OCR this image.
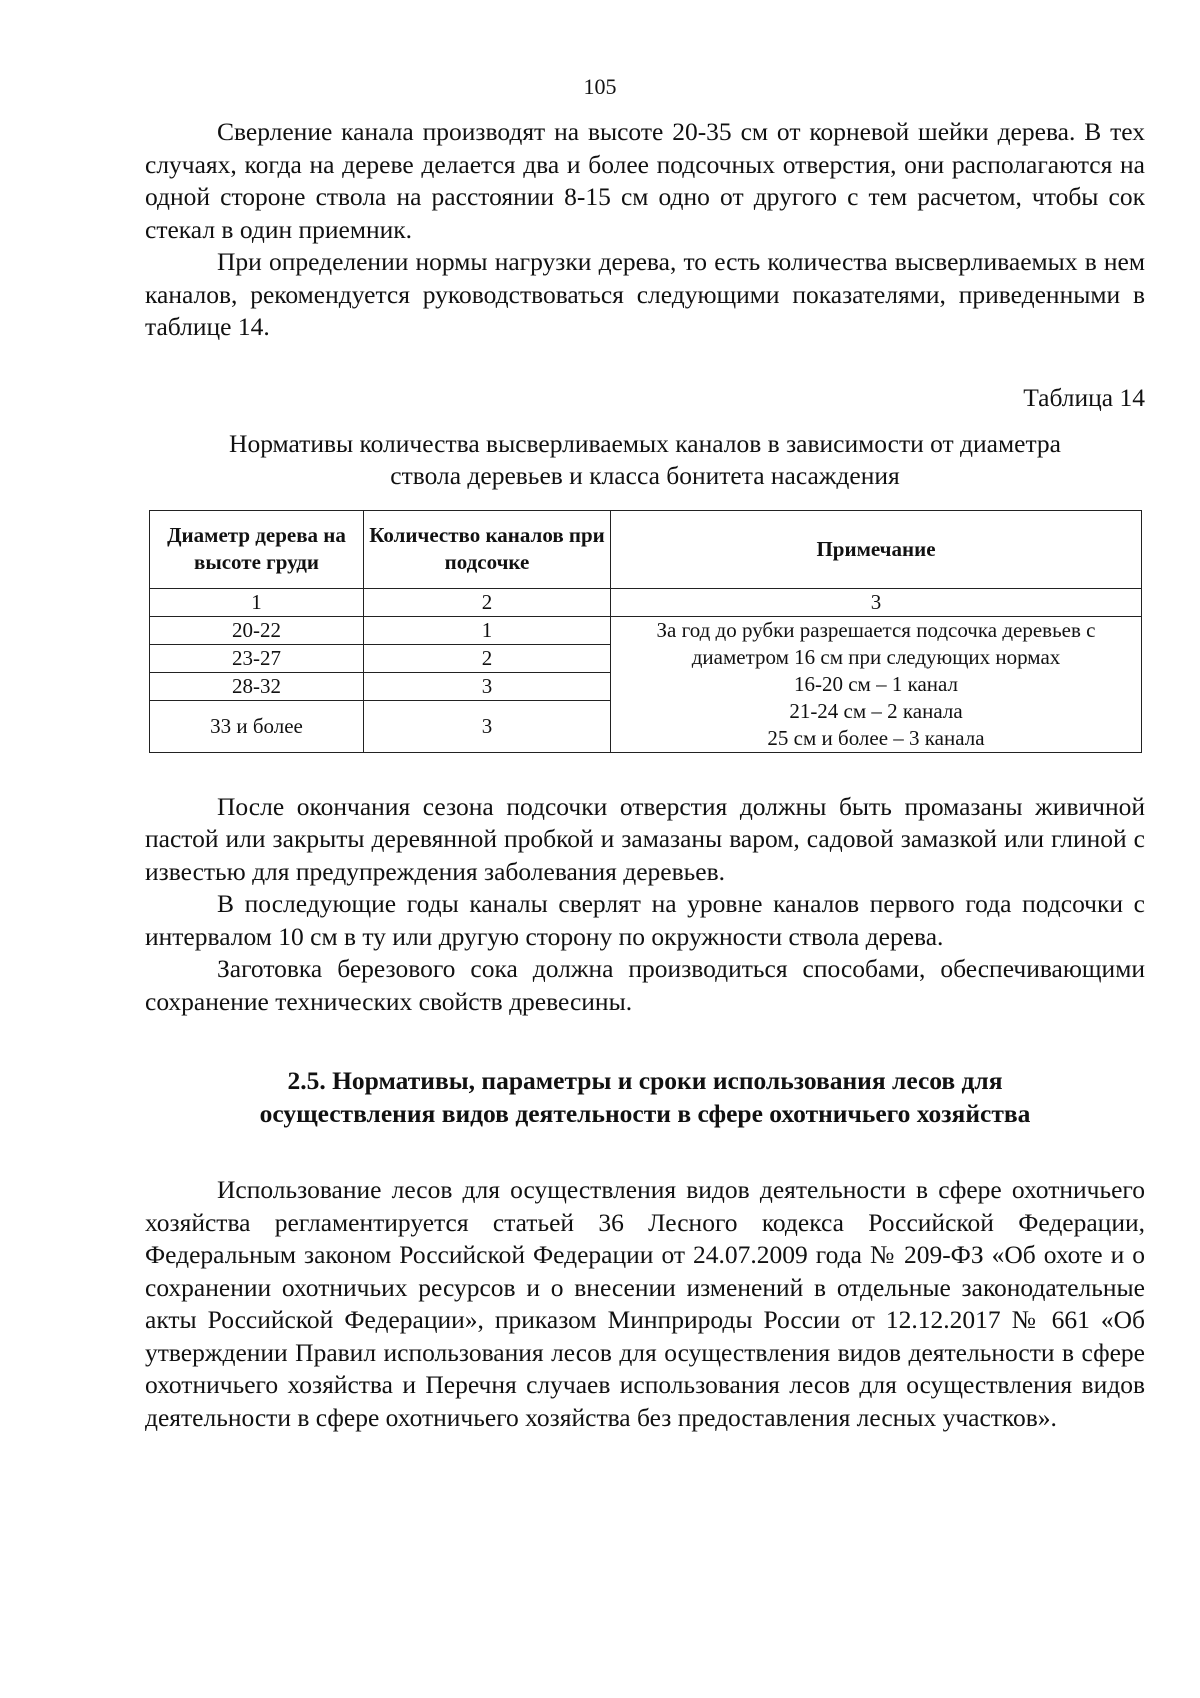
105

Сверление канала производят на высоте 20-35 см от корневой шейки дерева. В тех случаях, когда на дереве делается два и более подсочных отверстия, они располагаются на одной стороне ствола на расстоянии 8-15 см одно от другого с тем расчетом, чтобы сок стекал в один приемник.

При определении нормы нагрузки дерева, то есть количества высверливаемых в нем каналов, рекомендуется руководствоваться следующими показателями, приведенными в таблице 14.

Таблица 14
Нормативы количества высверливаемых каналов в зависимости от диаметра
ствола деревьев и класса бонитета насаждения
Диаметр дерева на высоте груди	Количество каналов при подсочке	Примечание
1	2	3
20-22	1	За год до рубки разрешается подсочка деревьев с
диаметром 16 см при следующих нормах
16-20 см – 1 канал
21-24 см – 2 канала
25 см и более – 3 канала

23-27	2	
28-32	3	
33 и более	3	

После окончания сезона подсочки отверстия должны быть промазаны живичной пастой или закрыты деревянной пробкой и замазаны варом, садовой замазкой или глиной с известью для предупреждения заболевания деревьев.

В последующие годы каналы сверлят на уровне каналов первого года подсочки с интервалом 10 см в ту или другую сторону по окружности ствола дерева.

Заготовка березового сока должна производиться способами, обеспечивающими сохранение технических свойств древесины.

2.5. Нормативы, параметры и сроки использования лесов для
осуществления видов деятельности в сфере охотничьего хозяйства

Использование лесов для осуществления видов деятельности в сфере охотничьего хозяйства регламентируется статьей 36 Лесного кодекса Российской Федерации, Федеральным законом Российской Федерации от 24.07.2009 года № 209-ФЗ «Об охоте и о сохранении охотничьих ресурсов и о внесении изменений в отдельные законодательные акты Российской Федерации», приказом Минприроды России от 12.12.2017 № 661 «Об утверждении Правил использования лесов для осуществления видов деятельности в сфере охотничьего хозяйства и Перечня случаев использования лесов для осуществления видов деятельности в сфере охотничьего хозяйства без предоставления лесных участков».
